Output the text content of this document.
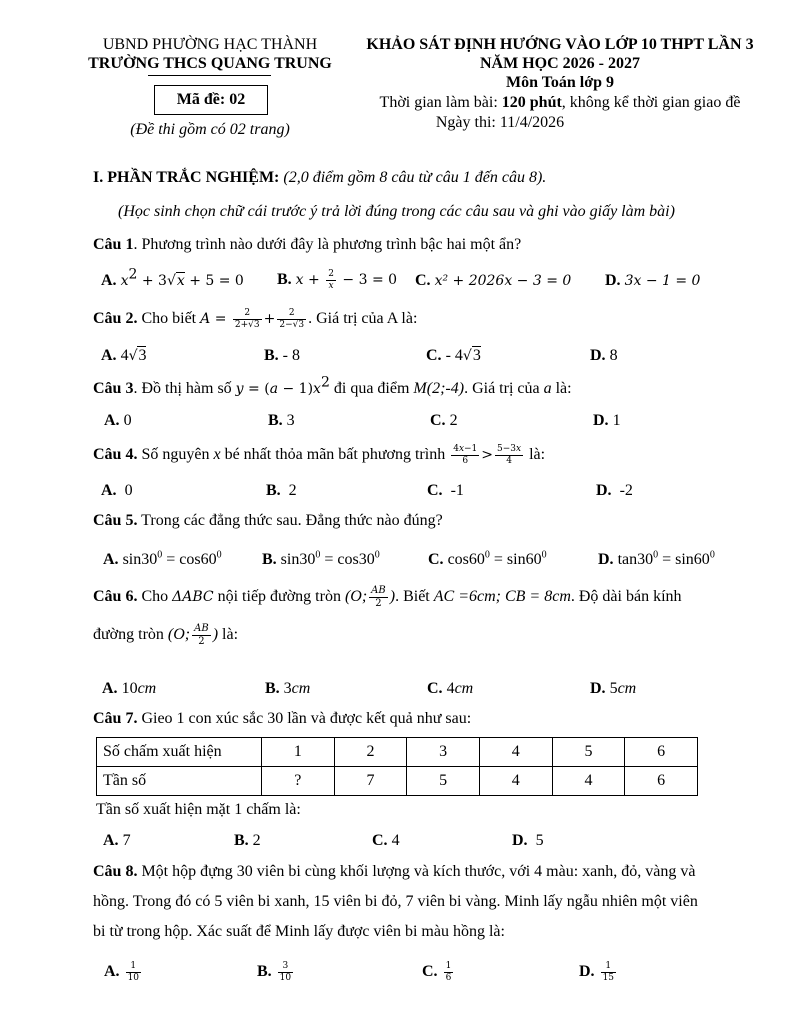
UBND PHƯỜNG HẠC THÀNH
TRƯỜNG THCS QUANG TRUNG
Mã đề: 02
(Đề thi gồm có 02 trang)
KHẢO SÁT ĐỊNH HƯỚNG VÀO LỚP 10 THPT LẦN 3
NĂM HỌC 2026 - 2027
Môn Toán lớp 9
Thời gian làm bài: 120 phút, không kể thời gian giao đề
Ngày thi: 11/4/2026
I. PHẦN TRẮC NGHIỆM: (2,0 điểm gồm 8 câu từ câu 1 đến câu 8).
(Học sinh chọn chữ cái trước ý trả lời đúng trong các câu sau và ghi vào giấy làm bài)
Câu 1. Phương trình nào dưới đây là phương trình bậc hai một ẩn?
A. $x^2 + 3√x + 5 = 0$ B. $x + \frac{2}{x} - 3 = 0$ C. x² + 2026x − 3 = 0 D. 3x − 1 = 0
Câu 2. Cho biết $A = \frac{2}{2+√3} + \frac{2}{2-√3}$ . Giá trị của A là:
A. 4√3	B. - 8	C. - 4√3	D. 8
Câu 3. Đồ thị hàm số $y = (a - 1)x^2$ đi qua điểm M(2;-4). Giá trị của a là:
A. 0	B. 3	C. 2	D. 1
Câu 4. Số nguyên x bé nhất thỏa mãn bất phương trình $\frac{4x-1}{6} > \frac{5-3x}{4}$ là:
A. 0	B. 2	C. -1	D. -2
Câu 5. Trong các đẳng thức sau. Đẳng thức nào đúng?
A. $\sin 30^0 = \cos 60^0$	B. $\sin 30^0 = \cos 30^0$	C. $\cos 60^0 = \sin 60^0$	D. $\tan 30^0 = \sin 60^0$
Câu 6. Cho ΔABC nội tiếp đường tròn (O; $\frac{AB}{2}$ ). Biết AC =6cm; CB = 8cm. Độ dài bán kính
đường tròn (O; $\frac{AB}{2}$ ) là:
A. 10cm	B. 3cm	C. 4cm	D. 5cm
Câu 7. Gieo 1 con xúc sắc 30 lần và được kết quả như sau:
Số chấm xuất hiện	1	2	3	4	5	6
Tần số	?	7	5	4	4	6
Tần số xuất hiện mặt 1 chấm là:
A. 7	B. 2	C. 4	D. 5
Câu 8. Một hộp đựng 30 viên bi cùng khối lượng và kích thước, với 4 màu: xanh, đỏ, vàng và
hồng. Trong đó có 5 viên bi xanh, 15 viên bi đỏ, 7 viên bi vàng. Minh lấy ngẫu nhiên một viên
bi từ trong hộp. Xác suất để Minh lấy được viên bi màu hồng là:
A. $\frac{1}{10}$	B. $\frac{3}{10}$	C. $\frac{1}{6}$	D. $\frac{1}{15}$
